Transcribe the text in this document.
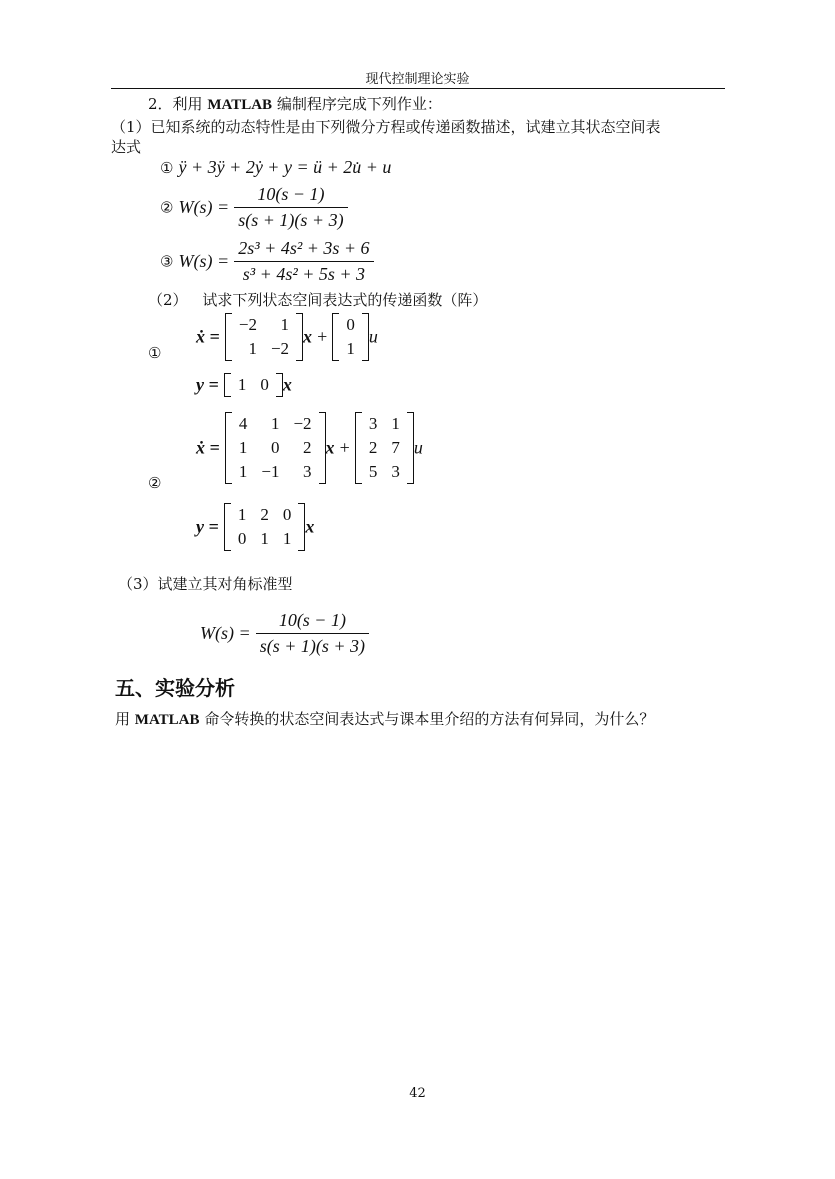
现代控制理论实验
2．利用 MATLAB 编制程序完成下列作业：
（1）已知系统的动态特性是由下列微分方程或传递函数描述，试建立其状态空间表
达式
① ÿ + 3ÿ + 2ẏ + y = ü + 2u̇ + u
② $W(s) = \frac{10(s - 1)}{s(s + 1)(s + 3)}$
③ $W(s) = \frac{\text{2s³ + 4s² + 3s + 6}}{\text{s³ + 4s² + 5s + 3}}$
（2） 试求下列状态空间表达式的传递函数（阵）
①
ẋ =
−2	1
1	−2
x +
0
1
u
y = 1	0 x
②
ẋ =
4	1	−2
1	0	2
1	−1	3
x +
3	1
2	7
5	3
u
y =
1	2	0
0	1	1
x
（3）试建立其对角标准型
$W(s) = \frac{10(s - 1)}{s(s + 1)(s + 3)}$
五、实验分析
用 MATLAB 命令转换的状态空间表达式与课本里介绍的方法有何异同，为什么？
42
